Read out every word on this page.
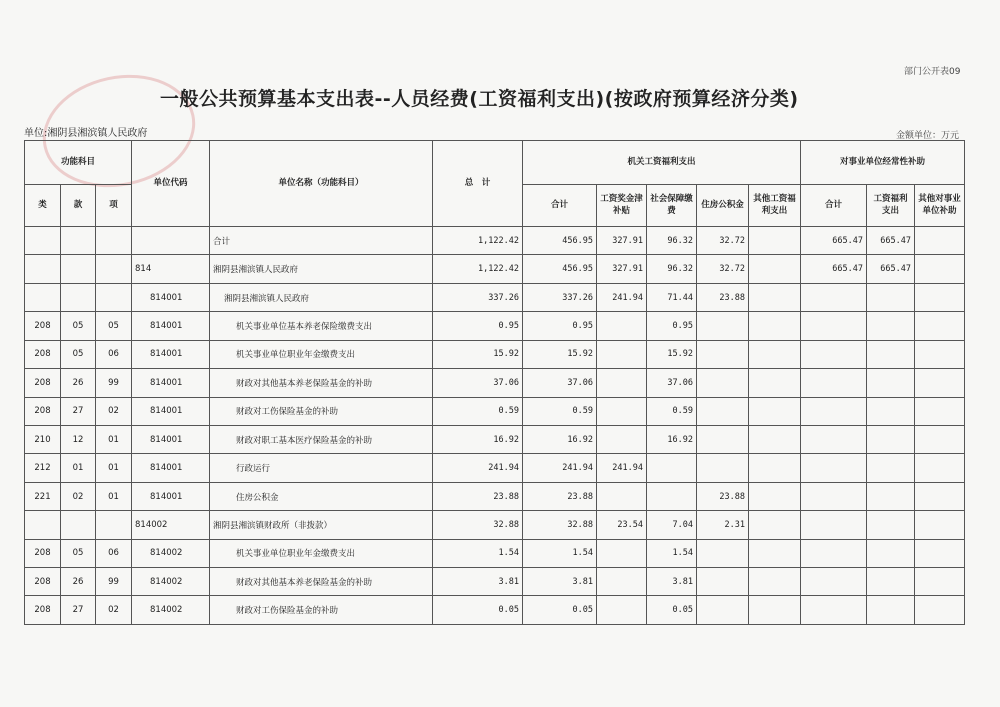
部门公开表09
一般公共预算基本支出表--人员经费(工资福利支出)(按政府预算经济分类)
单位:湘阴县湘滨镇人民政府	金额单位：万元
功能科目			单位代码	单位名称（功能科目）	总　计	机关工资福利支出					对事业单位经常性补助		
类	款	项				合计	工资奖金津补贴	社会保障缴费	住房公积金	其他工资福利支出	合计	工资福利支出	其他对事业单位补助
				合计	1,122.42	456.95	327.91	96.32	32.72		665.47	665.47	
			814	湘阴县湘滨镇人民政府	1,122.42	456.95	327.91	96.32	32.72		665.47	665.47	
			814001	湘阴县湘滨镇人民政府	337.26	337.26	241.94	71.44	23.88				
208	05	05	814001	机关事业单位基本养老保险缴费支出	0.95	0.95		0.95					
208	05	06	814001	机关事业单位职业年金缴费支出	15.92	15.92		15.92					
208	26	99	814001	财政对其他基本养老保险基金的补助	37.06	37.06		37.06					
208	27	02	814001	财政对工伤保险基金的补助	0.59	0.59		0.59					
210	12	01	814001	财政对职工基本医疗保险基金的补助	16.92	16.92		16.92					
212	01	01	814001	行政运行	241.94	241.94	241.94						
221	02	01	814001	住房公积金	23.88	23.88			23.88				
			814002	湘阴县湘滨镇财政所（非拨款）	32.88	32.88	23.54	7.04	2.31				
208	05	06	814002	机关事业单位职业年金缴费支出	1.54	1.54		1.54					
208	26	99	814002	财政对其他基本养老保险基金的补助	3.81	3.81		3.81					
208	27	02	814002	财政对工伤保险基金的补助	0.05	0.05		0.05					
